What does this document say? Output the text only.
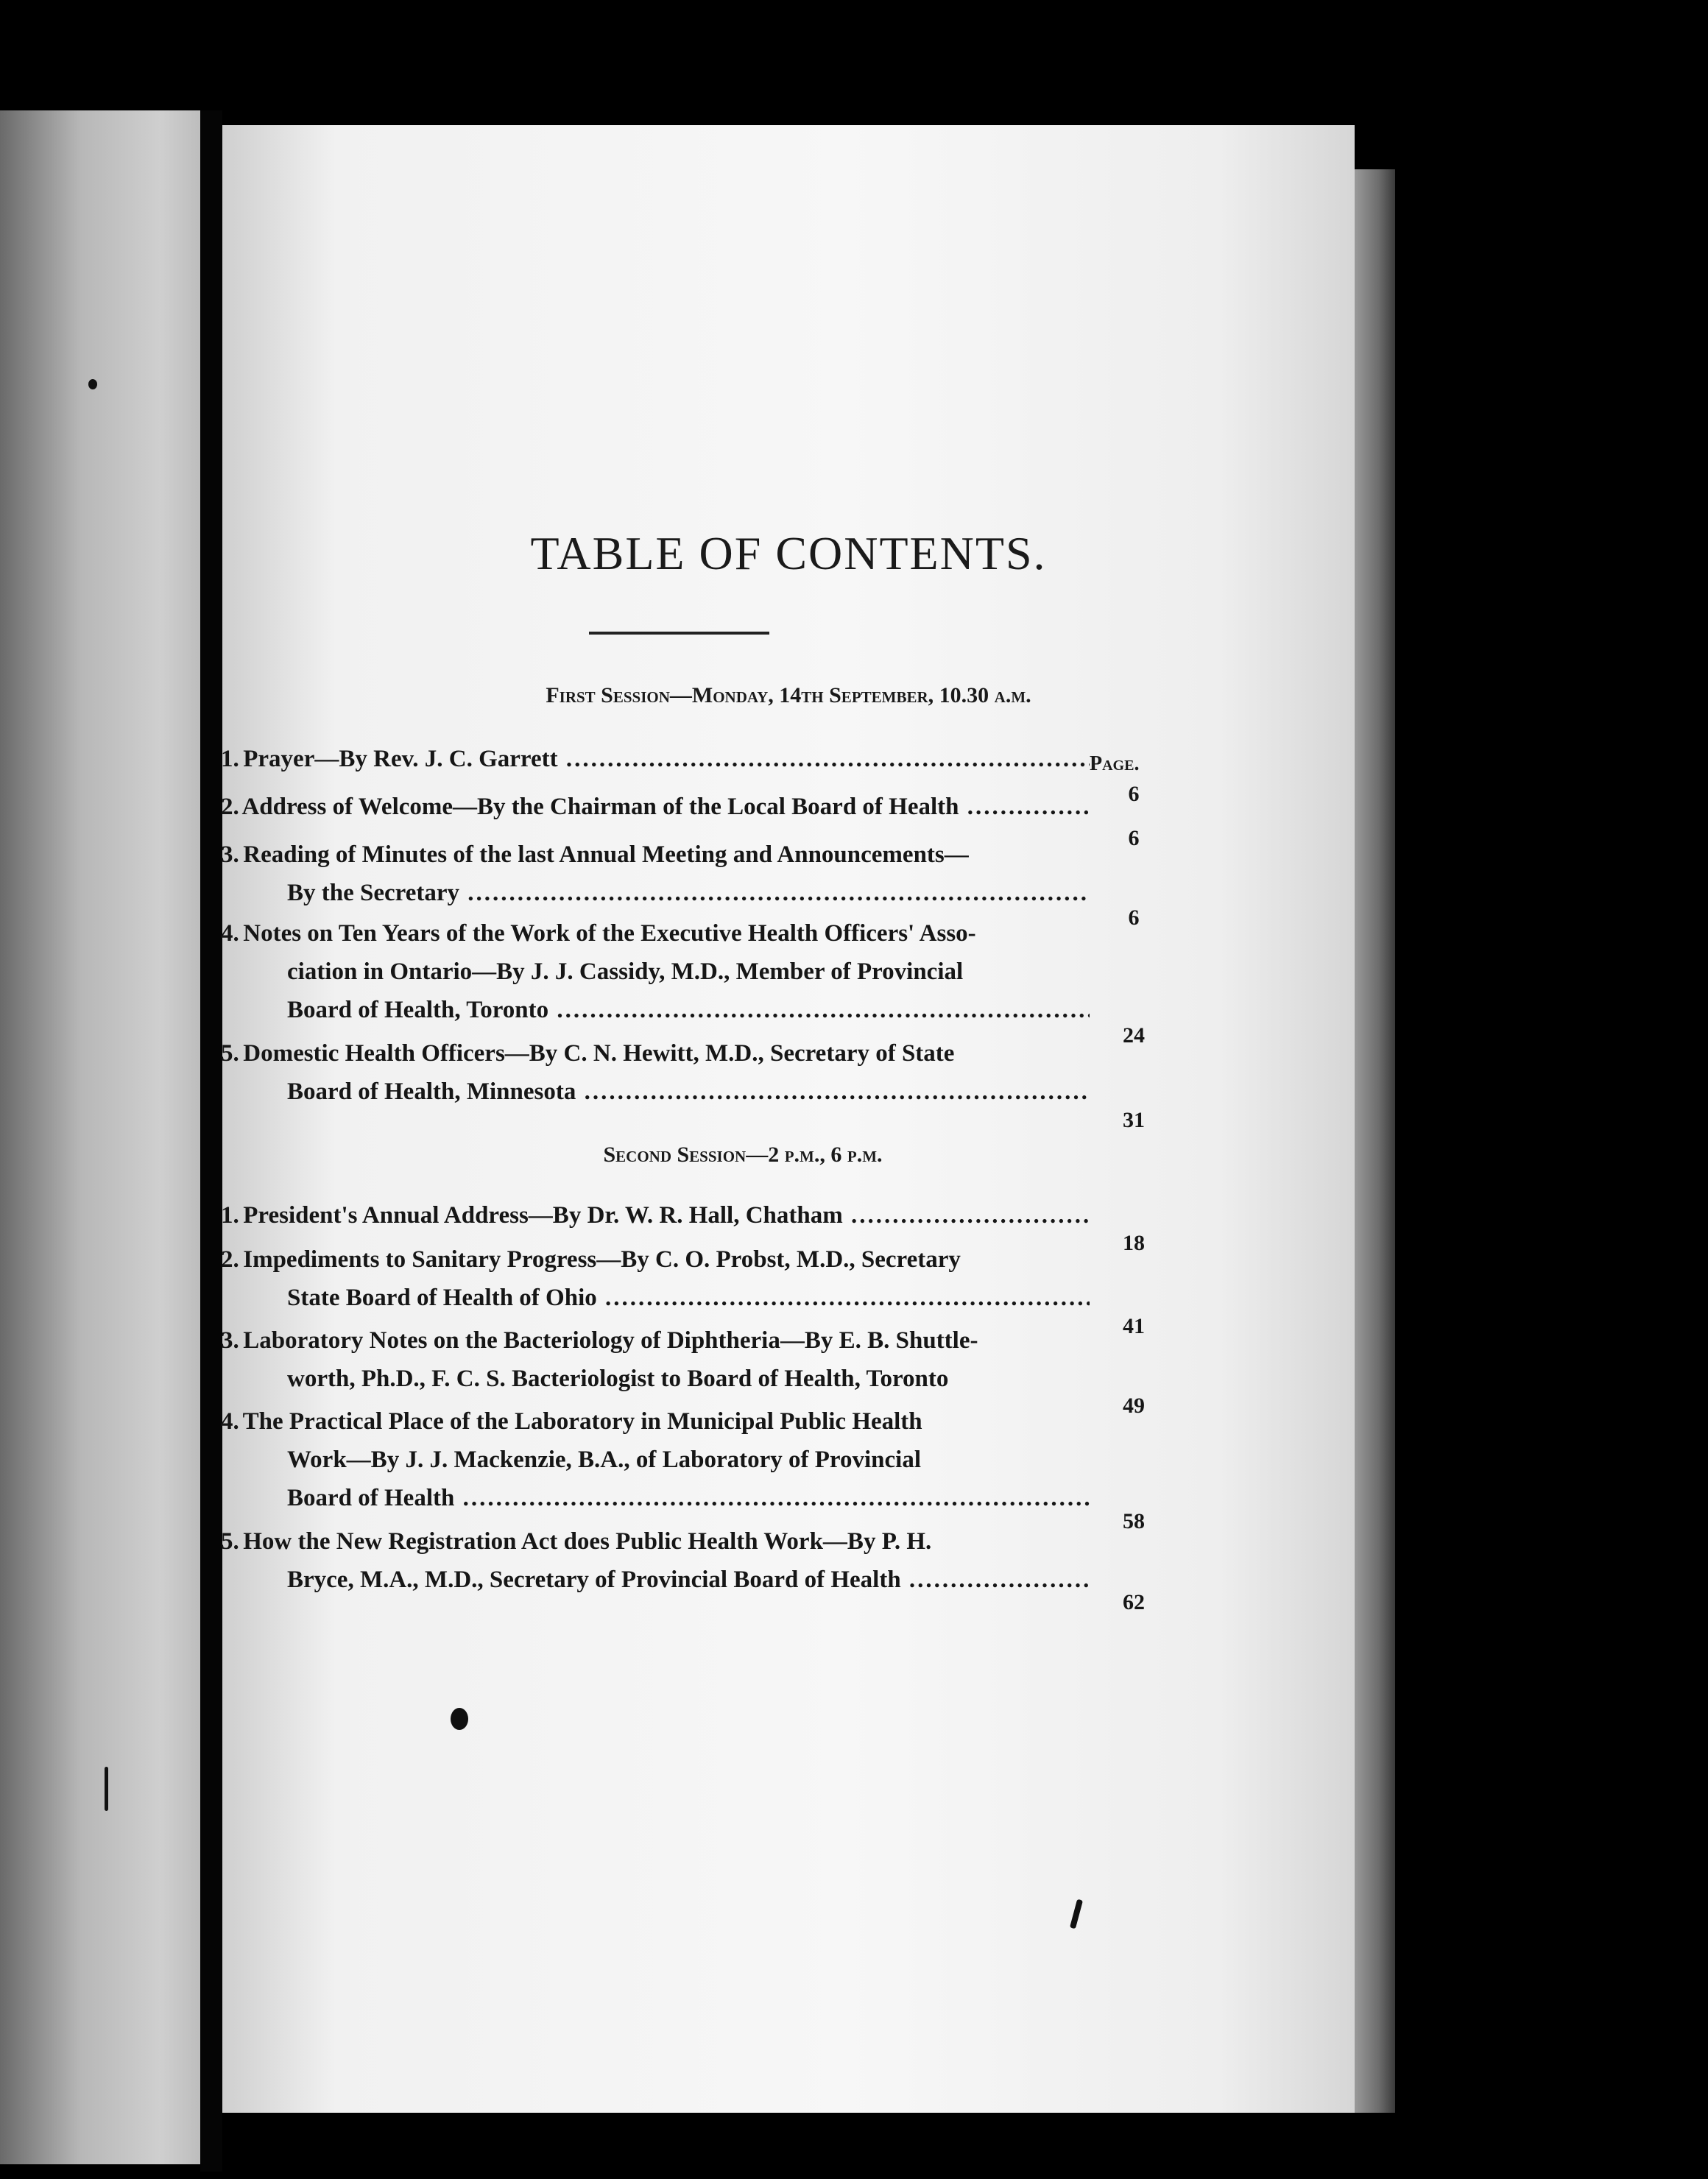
TABLE OF CONTENTS.
First Session—Monday, 14th September, 10.30 a.m.
Page.
1. Prayer—By Rev. J. C. Garrett .....
6
2. Address of Welcome—By the Chairman of the Local Board of Health .....
6
3. Reading of Minutes of the last Annual Meeting and Announcements—
By the Secretary .....
6
4. Notes on Ten Years of the Work of the Executive Health Officers' Asso-
ciation in Ontario—By J. J. Cassidy, M.D., Member of Provincial
Board of Health, Toronto .....
24
5. Domestic Health Officers—By C. N. Hewitt, M.D., Secretary of State
Board of Health, Minnesota .....
31
Second Session—2 p.m., 6 p.m.
1. President's Annual Address—By Dr. W. R. Hall, Chatham .....
18
2. Impediments to Sanitary Progress—By C. O. Probst, M.D., Secretary
State Board of Health of Ohio .....
41
3. Laboratory Notes on the Bacteriology of Diphtheria—By E. B. Shuttle-
worth, Ph.D., F. C. S. Bacteriologist to Board of Health, Toronto
49
4. The Practical Place of the Laboratory in Municipal Public Health
Work—By J. J. Mackenzie, B.A., of Laboratory of Provincial
Board of Health .....
58
5. How the New Registration Act does Public Health Work—By P. H.
Bryce, M.A., M.D., Secretary of Provincial Board of Health .....
62
